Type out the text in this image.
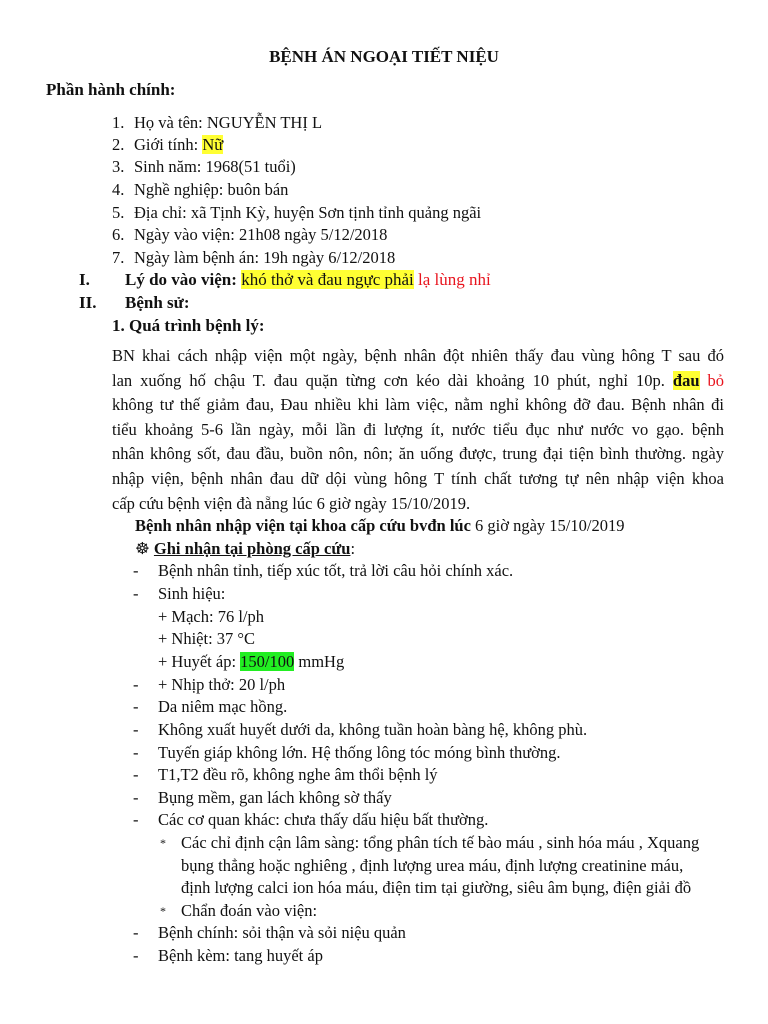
BỆNH ÁN NGOẠI TIẾT NIỆU
Phần hành chính:
1. Họ và tên: NGUYỄN THỊ L
2. Giới tính: Nữ
3. Sinh năm: 1968(51 tuổi)
4. Nghề nghiệp: buôn bán
5. Địa chỉ: xã Tịnh Kỳ, huyện Sơn tịnh tỉnh quảng ngãi
6. Ngày vào viện: 21h08 ngày 5/12/2018
7. Ngày làm bệnh án: 19h ngày 6/12/2018
I. Lý do vào viện: khó thở và đau ngực phải lạ lùng nhỉ
II. Bệnh sử:
1. Quá trình bệnh lý:
BN khai cách nhập viện một ngày, bệnh nhân đột nhiên thấy đau vùng hông T sau đó
lan xuống hố chậu T. đau quặn từng cơn kéo dài khoảng 10 phút, nghỉ 10p. đau bỏ
không tư thế giảm đau, Đau nhiều khi làm việc, nằm nghỉ không đỡ đau. Bệnh nhân đi
tiểu khoảng 5-6 lần ngày, mỗi lần đi lượng ít, nước tiểu đục như nước vo gạo. bệnh
nhân không sốt, đau đầu, buồn nôn, nôn; ăn uống được, trung đại tiện bình thường. ngày
nhập viện, bệnh nhân đau dữ dội vùng hông T tính chất tương tự nên nhập viện khoa
cấp cứu bệnh viện đà nẵng lúc 6 giờ ngày 15/10/2019.
Bệnh nhân nhập viện tại khoa cấp cứu bvđn lúc 6 giờ ngày 15/10/2019
☸ Ghi nhận tại phòng cấp cứu:
- Bệnh nhân tỉnh, tiếp xúc tốt, trả lời câu hỏi chính xác.
- Sinh hiệu:
+ Mạch: 76 l/ph
+ Nhiệt: 37 °C
+ Huyết áp: 150/100 mmHg
- + Nhịp thở: 20 l/ph
- Da niêm mạc hồng.
- Không xuất huyết dưới da, không tuần hoàn bàng hệ, không phù.
- Tuyến giáp không lớn. Hệ thống lông tóc móng bình thường.
- T1,T2 đều rõ, không nghe âm thổi bệnh lý
- Bụng mềm, gan lách không sờ thấy
- Các cơ quan khác: chưa thấy dấu hiệu bất thường.
* Các chỉ định cận lâm sàng: tổng phân tích tế bào máu , sinh hóa máu , Xquang
bụng thẳng hoặc nghiêng , định lượng urea máu, định lượng creatinine máu,
định lượng calci ion hóa máu, điện tim tại giường, siêu âm bụng, điện giải đồ
* Chẩn đoán vào viện:
- Bệnh chính: sỏi thận và sỏi niệu quản
- Bệnh kèm: tang huyết áp
